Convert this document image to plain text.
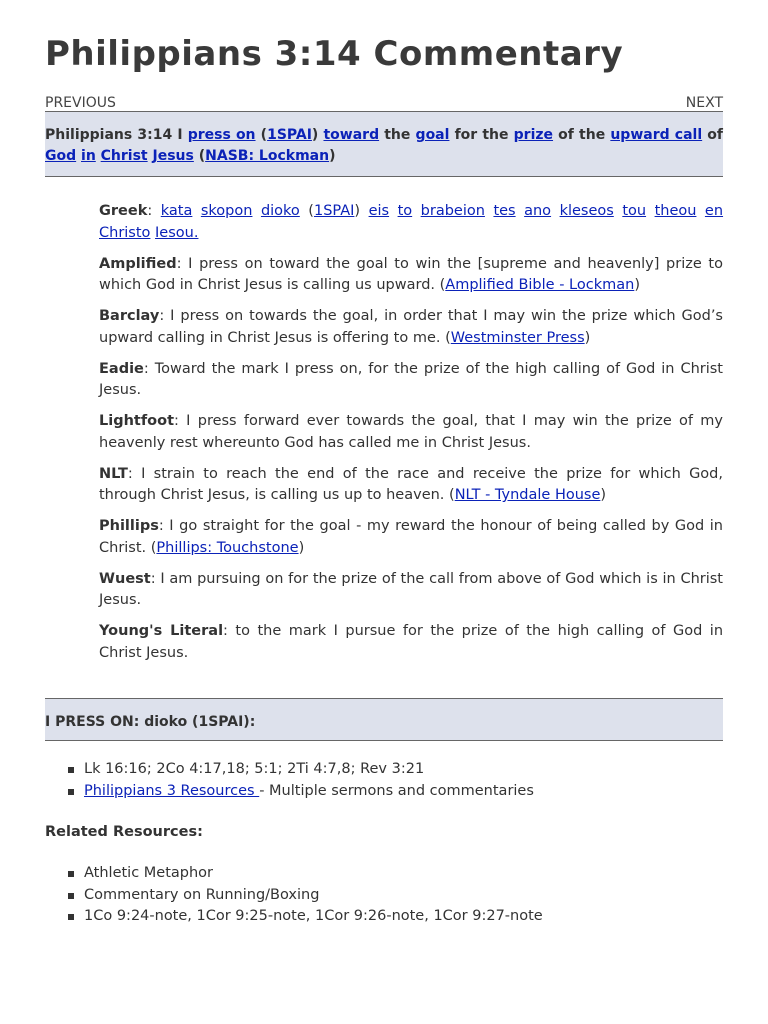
Philippians 3:14 Commentary
PREVIOUS	NEXT
Philippians 3:14 I press on (1SPAI) toward the goal for the prize of the upward call of God in Christ Jesus (NASB: Lockman)

Greek: kata skopon dioko (1SPAI) eis to brabeion tes ano kleseos tou theou en Christo Iesou.

Amplified: I press on toward the goal to win the [supreme and heavenly] prize to which God in Christ Jesus is calling us upward. (Amplified Bible - Lockman)

Barclay: I press on towards the goal, in order that I may win the prize which God’s upward calling in Christ Jesus is offering to me. (Westminster Press)

Eadie: Toward the mark I press on, for the prize of the high calling of God in Christ Jesus.

Lightfoot: I press forward ever towards the goal, that I may win the prize of my heavenly rest whereunto God has called me in Christ Jesus.

NLT: I strain to reach the end of the race and receive the prize for which God, through Christ Jesus, is calling us up to heaven. (NLT - Tyndale House)

Phillips: I go straight for the goal - my reward the honour of being called by God in Christ. (Phillips: Touchstone)

Wuest: I am pursuing on for the prize of the call from above of God which is in Christ Jesus.

Young's Literal: to the mark I pursue for the prize of the high calling of God in Christ Jesus.

I PRESS ON: dioko (1SPAI):
Lk 16:16; 2Co 4:17,18; 5:1; 2Ti 4:7,8; Rev 3:21
Philippians 3 Resources - Multiple sermons and commentaries
Related Resources:
Athletic Metaphor
Commentary on Running/Boxing
1Co 9:24-note, 1Cor 9:25-note, 1Cor 9:26-note, 1Cor 9:27-note
